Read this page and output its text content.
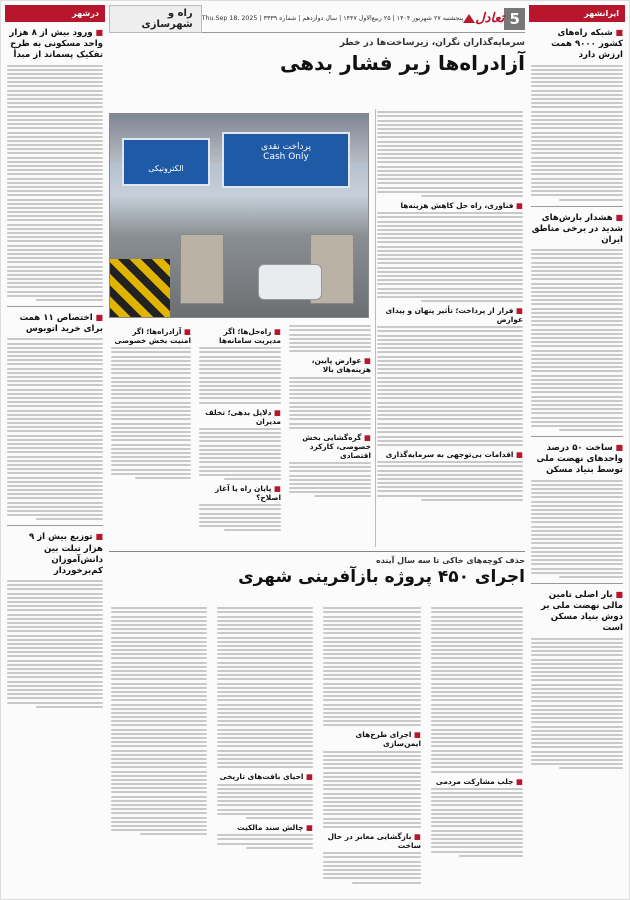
ایرانشهر
■ شبکه راه‌های کشور ۹۰۰۰ همت ارزش دارد
■ هشدار بارش‌های شدید در برخی مناطق ایران
■ ساخت ۵۰ درصد واحدهای نهضت ملی توسط بنیاد مسکن
■ بار اصلی تامین مالی نهضت ملی بر دوش بنیاد مسکن است
درشهر
■ ورود بیش از ۸ هزار واحد مسکونی به طرح تفکیک پسماند از مبدأ
■ اختصاص ۱۱ همت برای خرید اتوبوس
■ توزیع بیش از ۹ هزار تبلت بین دانش‌آموزان کم‌برخوردار
5
تعادل
پنجشنبه ۲۷ شهریور ۱۴۰۴ | ۲۵ ربیع‌الاول ۱۴۴۷ | سال دوازدهم | شماره ۳۳۳۹ | Thu.Sep 18, 2025
راه و شهرسازی
سرمایه‌گذاران نگران، زیرساخت‌ها در خطر
آزادراه‌ها زیر فشار بدهی
■ فناوری، راه حل کاهش هزینه‌ها
■ فرار از پرداخت؛ تأثیر پنهان و پیدای عوارض
پرداخت نقدی
Cash Only
الکترونیکی
■ آزادراه‌ها؛ اگر امنیت بخش خصوصی
■ راه‌حل‌ها؛ اگر مدیریت سامانه‌ها
■ دلایل بدهی؛ تخلف مدیران
■ پایان راه یا آغاز اصلاح؟
■ عوارض پایین، هزینه‌های بالا
■ گره‌گشایی بخش خصوصی، کارکرد اقتصادی	■ اقدامات بی‌توجهی به سرمایه‌گذاری
حذف کوچه‌های خاکی تا سه سال آینده
اجرای ۴۵۰ پروژه بازآفرینی شهری
■ جلب مشارکت مردمی
■ اجرای طرح‌های ایمن‌سازی
■ بازگشایی معابر در حال ساخت
■ احیای بافت‌های تاریخی
■ چالش سند مالکیت
